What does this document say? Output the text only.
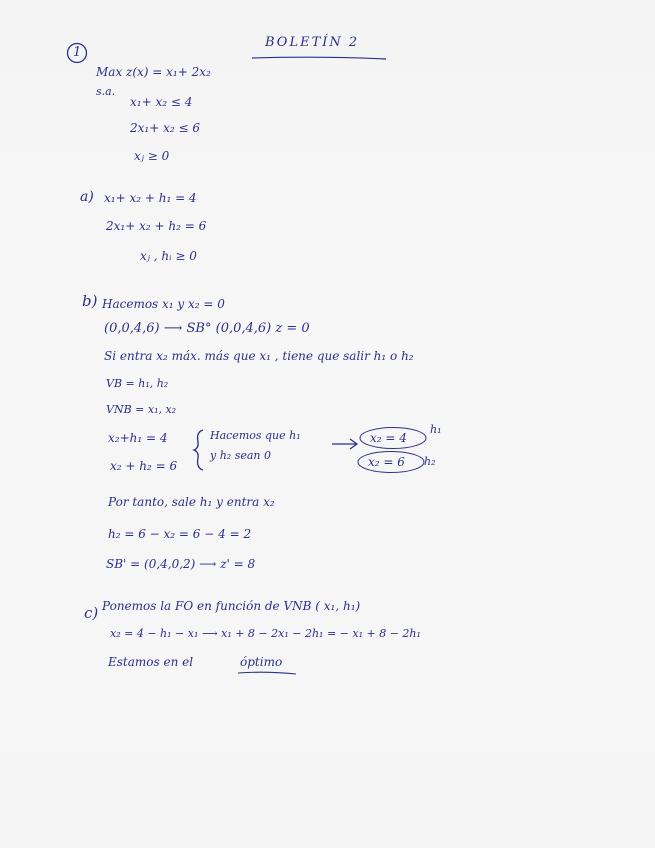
BOLETÍN 2
1
Max z(x) = x₁+ 2x₂
s.a.
x₁+ x₂ ≤ 4
2x₁+ x₂ ≤ 6
xⱼ ≥ 0
a) x₁+ x₂ + h₁ = 4
2x₁+ x₂ + h₂ = 6
xⱼ , hᵢ ≥ 0
b) Hacemos x₁ y x₂ = 0
(0,0,4,6) ⟶ SB° (0,0,4,6) z = 0
Si entra x₂ máx. más que x₁ , tiene que salir h₁ o h₂
VB = h₁, h₂
VNB = x₁, x₂
x₂+h₁ = 4
x₂ + h₂ = 6
Hacemos que h₁
y h₂ sean 0
x₂ = 4
h₁
x₂ = 6 h₂
Por tanto, sale h₁ y entra x₂
h₂ = 6 − x₂ = 6 − 4 = 2
SB' = (0,4,0,2) ⟶ z' = 8
c) Ponemos la FO en función de VNB ( x₁, h₁)
x₂ = 4 − h₁ − x₁ ⟶ x₁ + 8 − 2x₁ − 2h₁ = − x₁ + 8 − 2h₁
Estamos en el	óptimo
